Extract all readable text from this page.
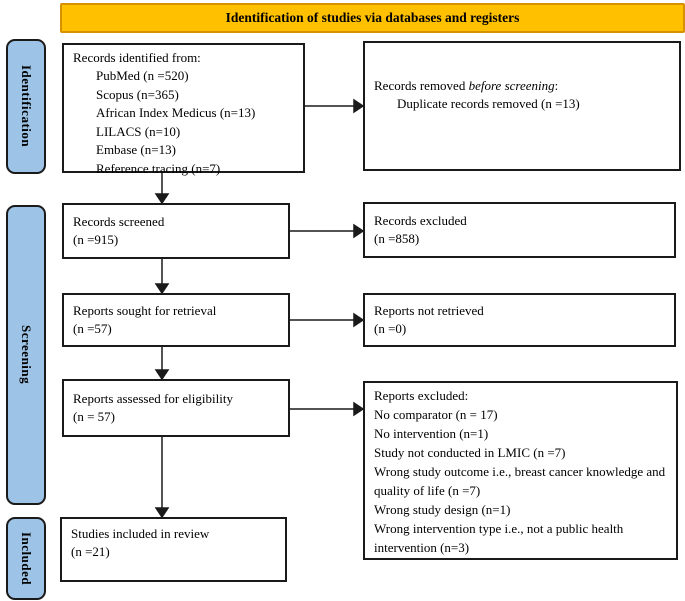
Identification of studies via databases and registers
Identification
Screening
Included
Records identified from:
PubMed (n =520)
Scopus (n=365)
African Index Medicus (n=13)
LILACS (n=10)
Embase (n=13)
Reference tracing (n=7)
Records removed before screening:
Duplicate records removed (n =13)
Records screened
(n =915)
Records excluded
(n =858)
Reports sought for retrieval
(n =57)
Reports not retrieved
(n =0)
Reports assessed for eligibility
(n = 57)
Reports excluded:
No comparator (n = 17)
No intervention (n=1)
Study not conducted in LMIC (n =7)
Wrong study outcome i.e., breast cancer knowledge and quality of life (n =7)
Wrong study design (n=1)
Wrong intervention type i.e., not a public health intervention (n=3)
Studies included in review
(n =21)
